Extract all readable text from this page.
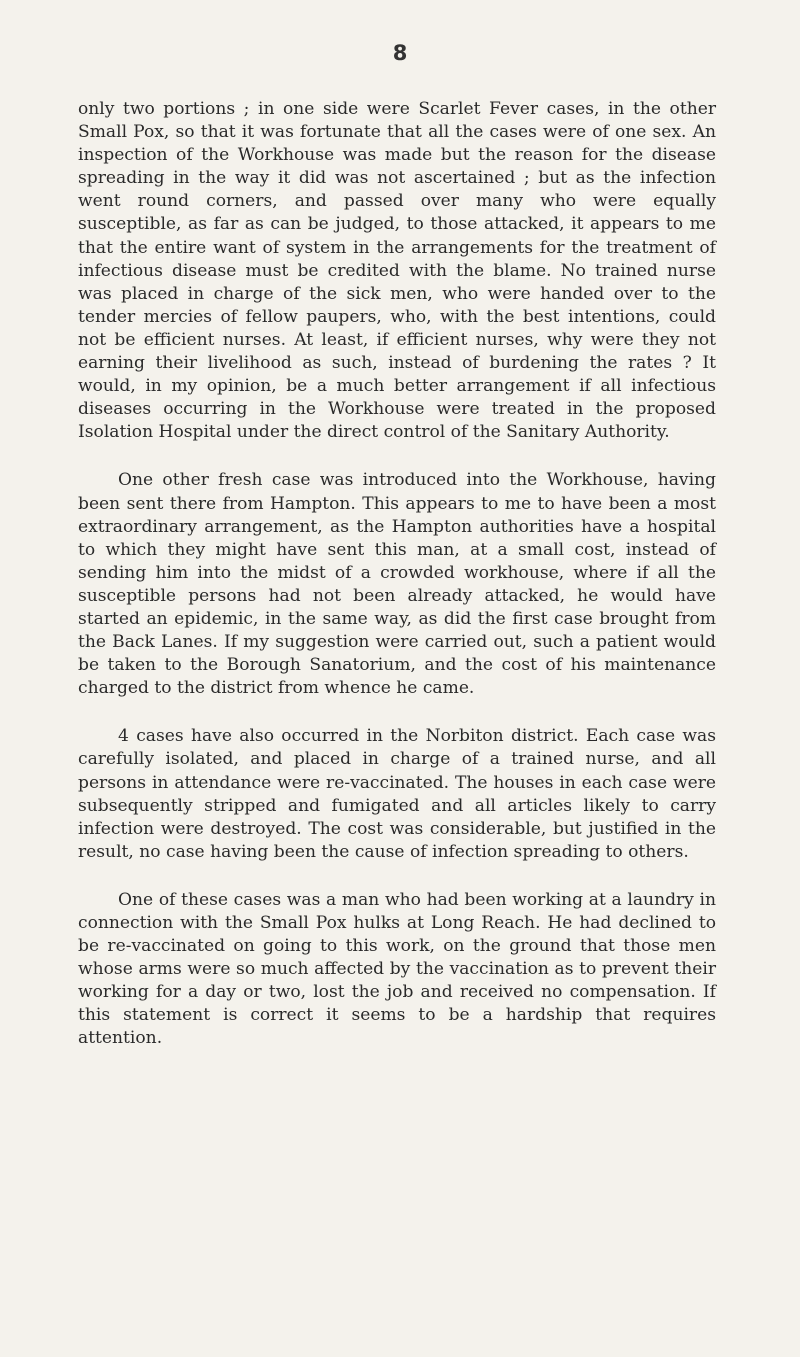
8

only two portions ; in one side were Scarlet Fever cases, in the other Small Pox, so that it was fortunate that all the cases were of one sex. An inspection of the Workhouse was made but the reason for the disease spreading in the way it did was not ascertained ; but as the infection went round corners, and passed over many who were equally susceptible, as far as can be judged, to those attacked, it appears to me that the entire want of system in the arrangements for the treatment of infectious disease must be credited with the blame. No trained nurse was placed in charge of the sick men, who were handed over to the tender mercies of fellow paupers, who, with the best intentions, could not be efficient nurses. At least, if efficient nurses, why were they not earning their livelihood as such, instead of burdening the rates ? It would, in my opinion, be a much better arrangement if all infectious diseases occurring in the Workhouse were treated in the proposed Isolation Hospital under the direct control of the Sanitary Authority.

One other fresh case was introduced into the Workhouse, having been sent there from Hampton. This appears to me to have been a most extraordinary arrangement, as the Hampton authorities have a hospital to which they might have sent this man, at a small cost, instead of sending him into the midst of a crowded workhouse, where if all the susceptible persons had not been already attacked, he would have started an epidemic, in the same way, as did the first case brought from the Back Lanes. If my suggestion were carried out, such a patient would be taken to the Borough Sanatorium, and the cost of his maintenance charged to the district from whence he came.

4 cases have also occurred in the Norbiton district. Each case was carefully isolated, and placed in charge of a trained nurse, and all persons in attendance were re-vaccinated. The houses in each case were subsequently stripped and fumigated and all articles likely to carry infection were destroyed. The cost was considerable, but justified in the result, no case having been the cause of infection spreading to others.

One of these cases was a man who had been working at a laundry in connection with the Small Pox hulks at Long Reach. He had declined to be re-vaccinated on going to this work, on the ground that those men whose arms were so much affected by the vaccination as to prevent their working for a day or two, lost the job and received no compensation. If this statement is correct it seems to be a hardship that requires attention.
